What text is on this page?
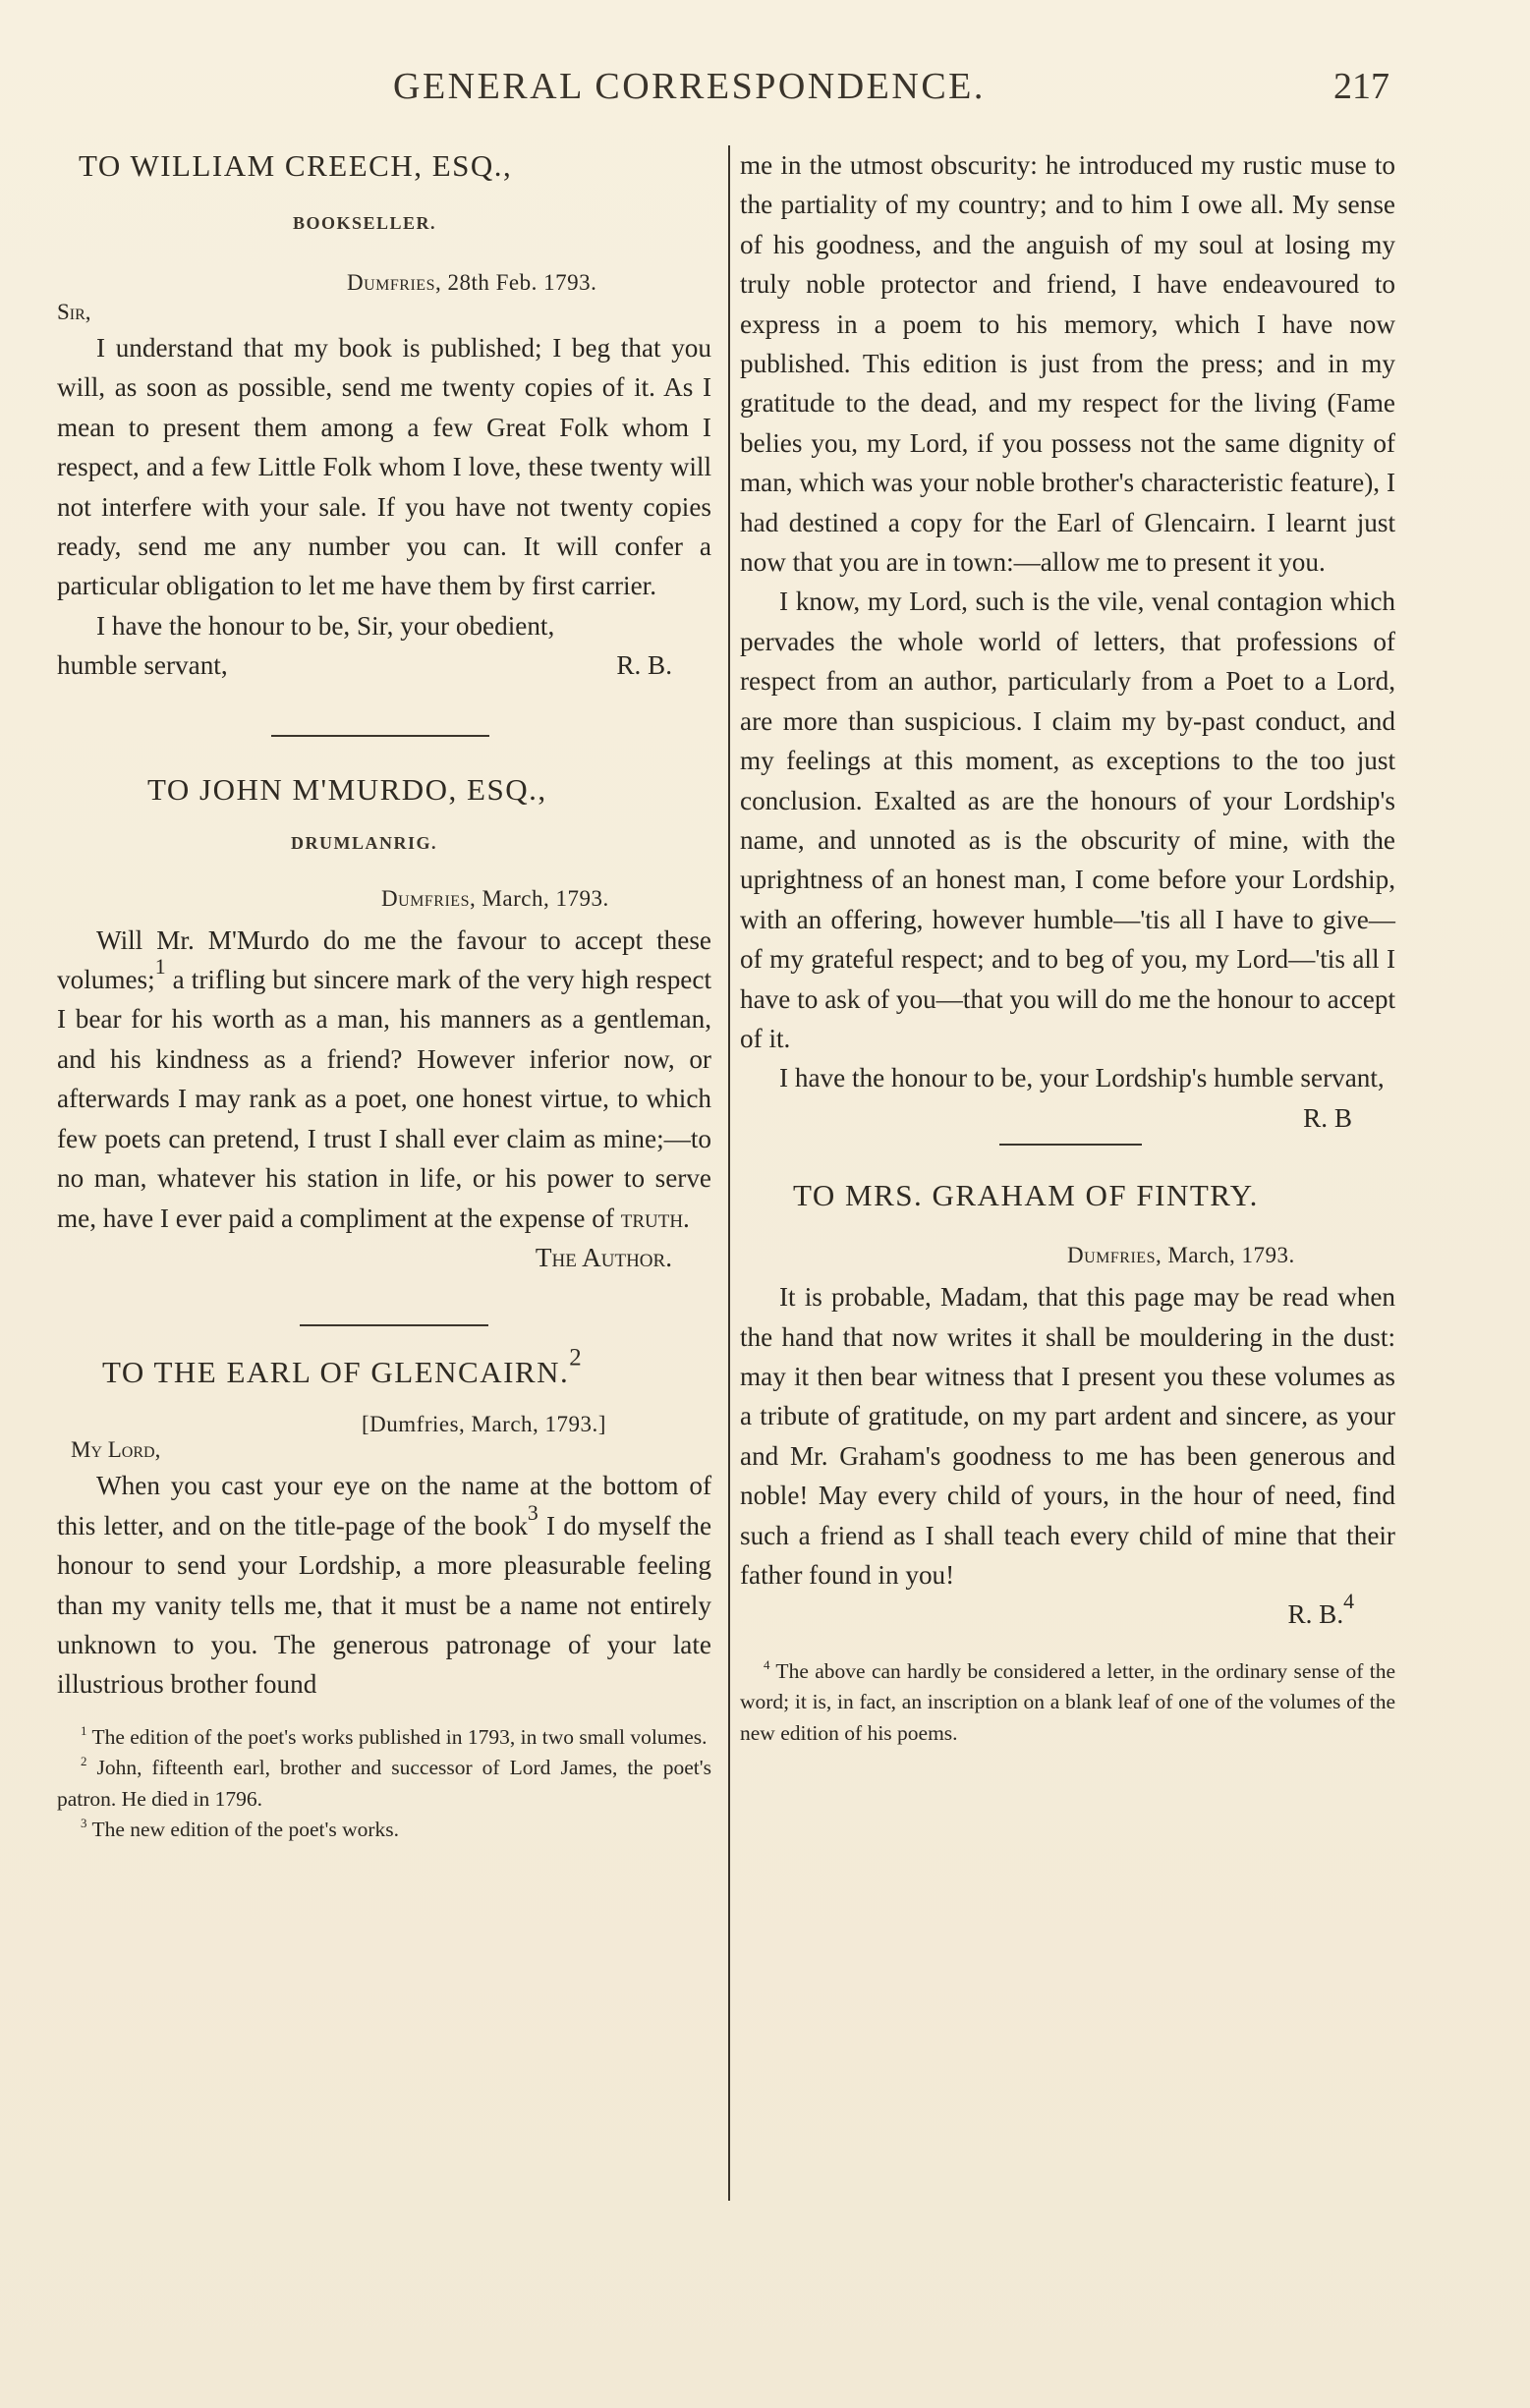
GENERAL CORRESPONDENCE.	217
TO WILLIAM CREECH, ESQ.,
BOOKSELLER.
Dumfries, 28th Feb. 1793.
Sir,

I understand that my book is published; I beg that you will, as soon as possible, send me twenty copies of it. As I mean to present them among a few Great Folk whom I respect, and a few Little Folk whom I love, these twenty will not interfere with your sale. If you have not twenty copies ready, send me any number you can. It will confer a particular obligation to let me have them by first carrier.

I have the honour to be, Sir, your obedient,

humble servant,	R. B.
TO JOHN M'MURDO, ESQ.,
DRUMLANRIG.
Dumfries, March, 1793.

Will Mr. M'Murdo do me the favour to accept these volumes;$^1$ a trifling but sincere mark of the very high respect I bear for his worth as a man, his manners as a gentleman, and his kindness as a friend? However inferior now, or afterwards I may rank as a poet, one honest virtue, to which few poets can pretend, I trust I shall ever claim as mine;—to no man, whatever his station in life, or his power to serve me, have I ever paid a compliment at the expense of truth.

The Author.
TO THE EARL OF GLENCAIRN.$^2$
[Dumfries, March, 1793.]
My Lord,

When you cast your eye on the name at the bottom of this letter, and on the title-page of the book$^3$ I do myself the honour to send your Lordship, a more pleasurable feeling than my vanity tells me, that it must be a name not entirely unknown to you. The generous patronage of your late illustrious brother found

$^1$ The edition of the poet's works published in 1793, in two small volumes.

$^2$ John, fifteenth earl, brother and successor of Lord James, the poet's patron. He died in 1796.

$^3$ The new edition of the poet's works.

me in the utmost obscurity: he introduced my rustic muse to the partiality of my country; and to him I owe all. My sense of his goodness, and the anguish of my soul at losing my truly noble protector and friend, I have endeavoured to express in a poem to his memory, which I have now published. This edition is just from the press; and in my gratitude to the dead, and my respect for the living (Fame belies you, my Lord, if you possess not the same dignity of man, which was your noble brother's characteristic feature), I had destined a copy for the Earl of Glencairn. I learnt just now that you are in town:—allow me to present it you.

I know, my Lord, such is the vile, venal contagion which pervades the whole world of letters, that professions of respect from an author, particularly from a Poet to a Lord, are more than suspicious. I claim my by-past conduct, and my feelings at this moment, as exceptions to the too just conclusion. Exalted as are the honours of your Lordship's name, and unnoted as is the obscurity of mine, with the uprightness of an honest man, I come before your Lordship, with an offering, however humble—'tis all I have to give—of my grateful respect; and to beg of you, my Lord—'tis all I have to ask of you—that you will do me the honour to accept of it.

I have the honour to be, your Lordship's humble servant,

R. B
TO MRS. GRAHAM OF FINTRY.
Dumfries, March, 1793.

It is probable, Madam, that this page may be read when the hand that now writes it shall be mouldering in the dust: may it then bear witness that I present you these volumes as a tribute of gratitude, on my part ardent and sincere, as your and Mr. Graham's goodness to me has been generous and noble! May every child of yours, in the hour of need, find such a friend as I shall teach every child of mine that their father found in you!

R. B.$^4$

$^4$ The above can hardly be considered a letter, in the ordinary sense of the word; it is, in fact, an inscription on a blank leaf of one of the volumes of the new edition of his poems.
